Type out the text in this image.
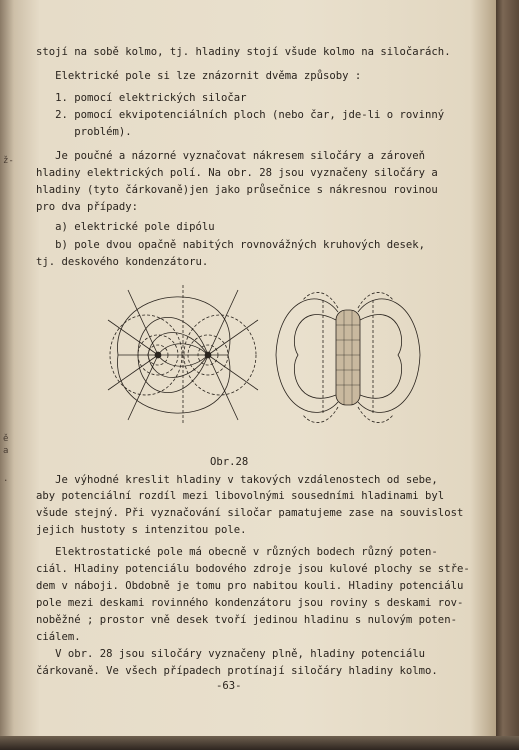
stojí na sobě kolmo, tj. hladiny stojí všude kolmo na siločarách.
Elektrické pole si lze znázornit dvěma způsoby :
1. pomocí elektrických siločar
2. pomocí ekvipotenciálních ploch (nebo čar, jde-li o rovinný
problém).
Je poučné a názorné vyznačovat nákresem siločáry a zároveň
hladiny elektrických polí. Na obr. 28 jsou vyznačeny siločáry a
hladiny (tyto čárkovaně)jen jako průsečnice s nákresnou rovinou
pro dva případy:
a) elektrické pole dipólu
b) pole dvou opačně nabitých rovnovážných kruhových desek,
tj. deskového kondenzátoru.
Obr.28
Je výhodné kreslit hladiny v takových vzdálenostech od sebe,
aby potenciální rozdíl mezi libovolnými sousedními hladinami byl
všude stejný. Při vyznačování siločar pamatujeme zase na souvislost
jejich hustoty s intenzitou pole.
Elektrostatické pole má obecně v různých bodech různý poten-
ciál. Hladiny potenciálu bodového zdroje jsou kulové plochy se stře-
dem v náboji. Obdobně je tomu pro nabitou kouli. Hladiny potenciálu
pole mezi deskami rovinného kondenzátoru jsou roviny s deskami rov-
noběžné ; prostor vně desek tvoří jedinou hladinu s nulovým poten-
ciálem.
V obr. 28 jsou siločáry vyznačeny plně, hladiny potenciálu
čárkovaně. Ve všech případech protínají siločáry hladiny kolmo.
-63-
ž-
ě
a
.
